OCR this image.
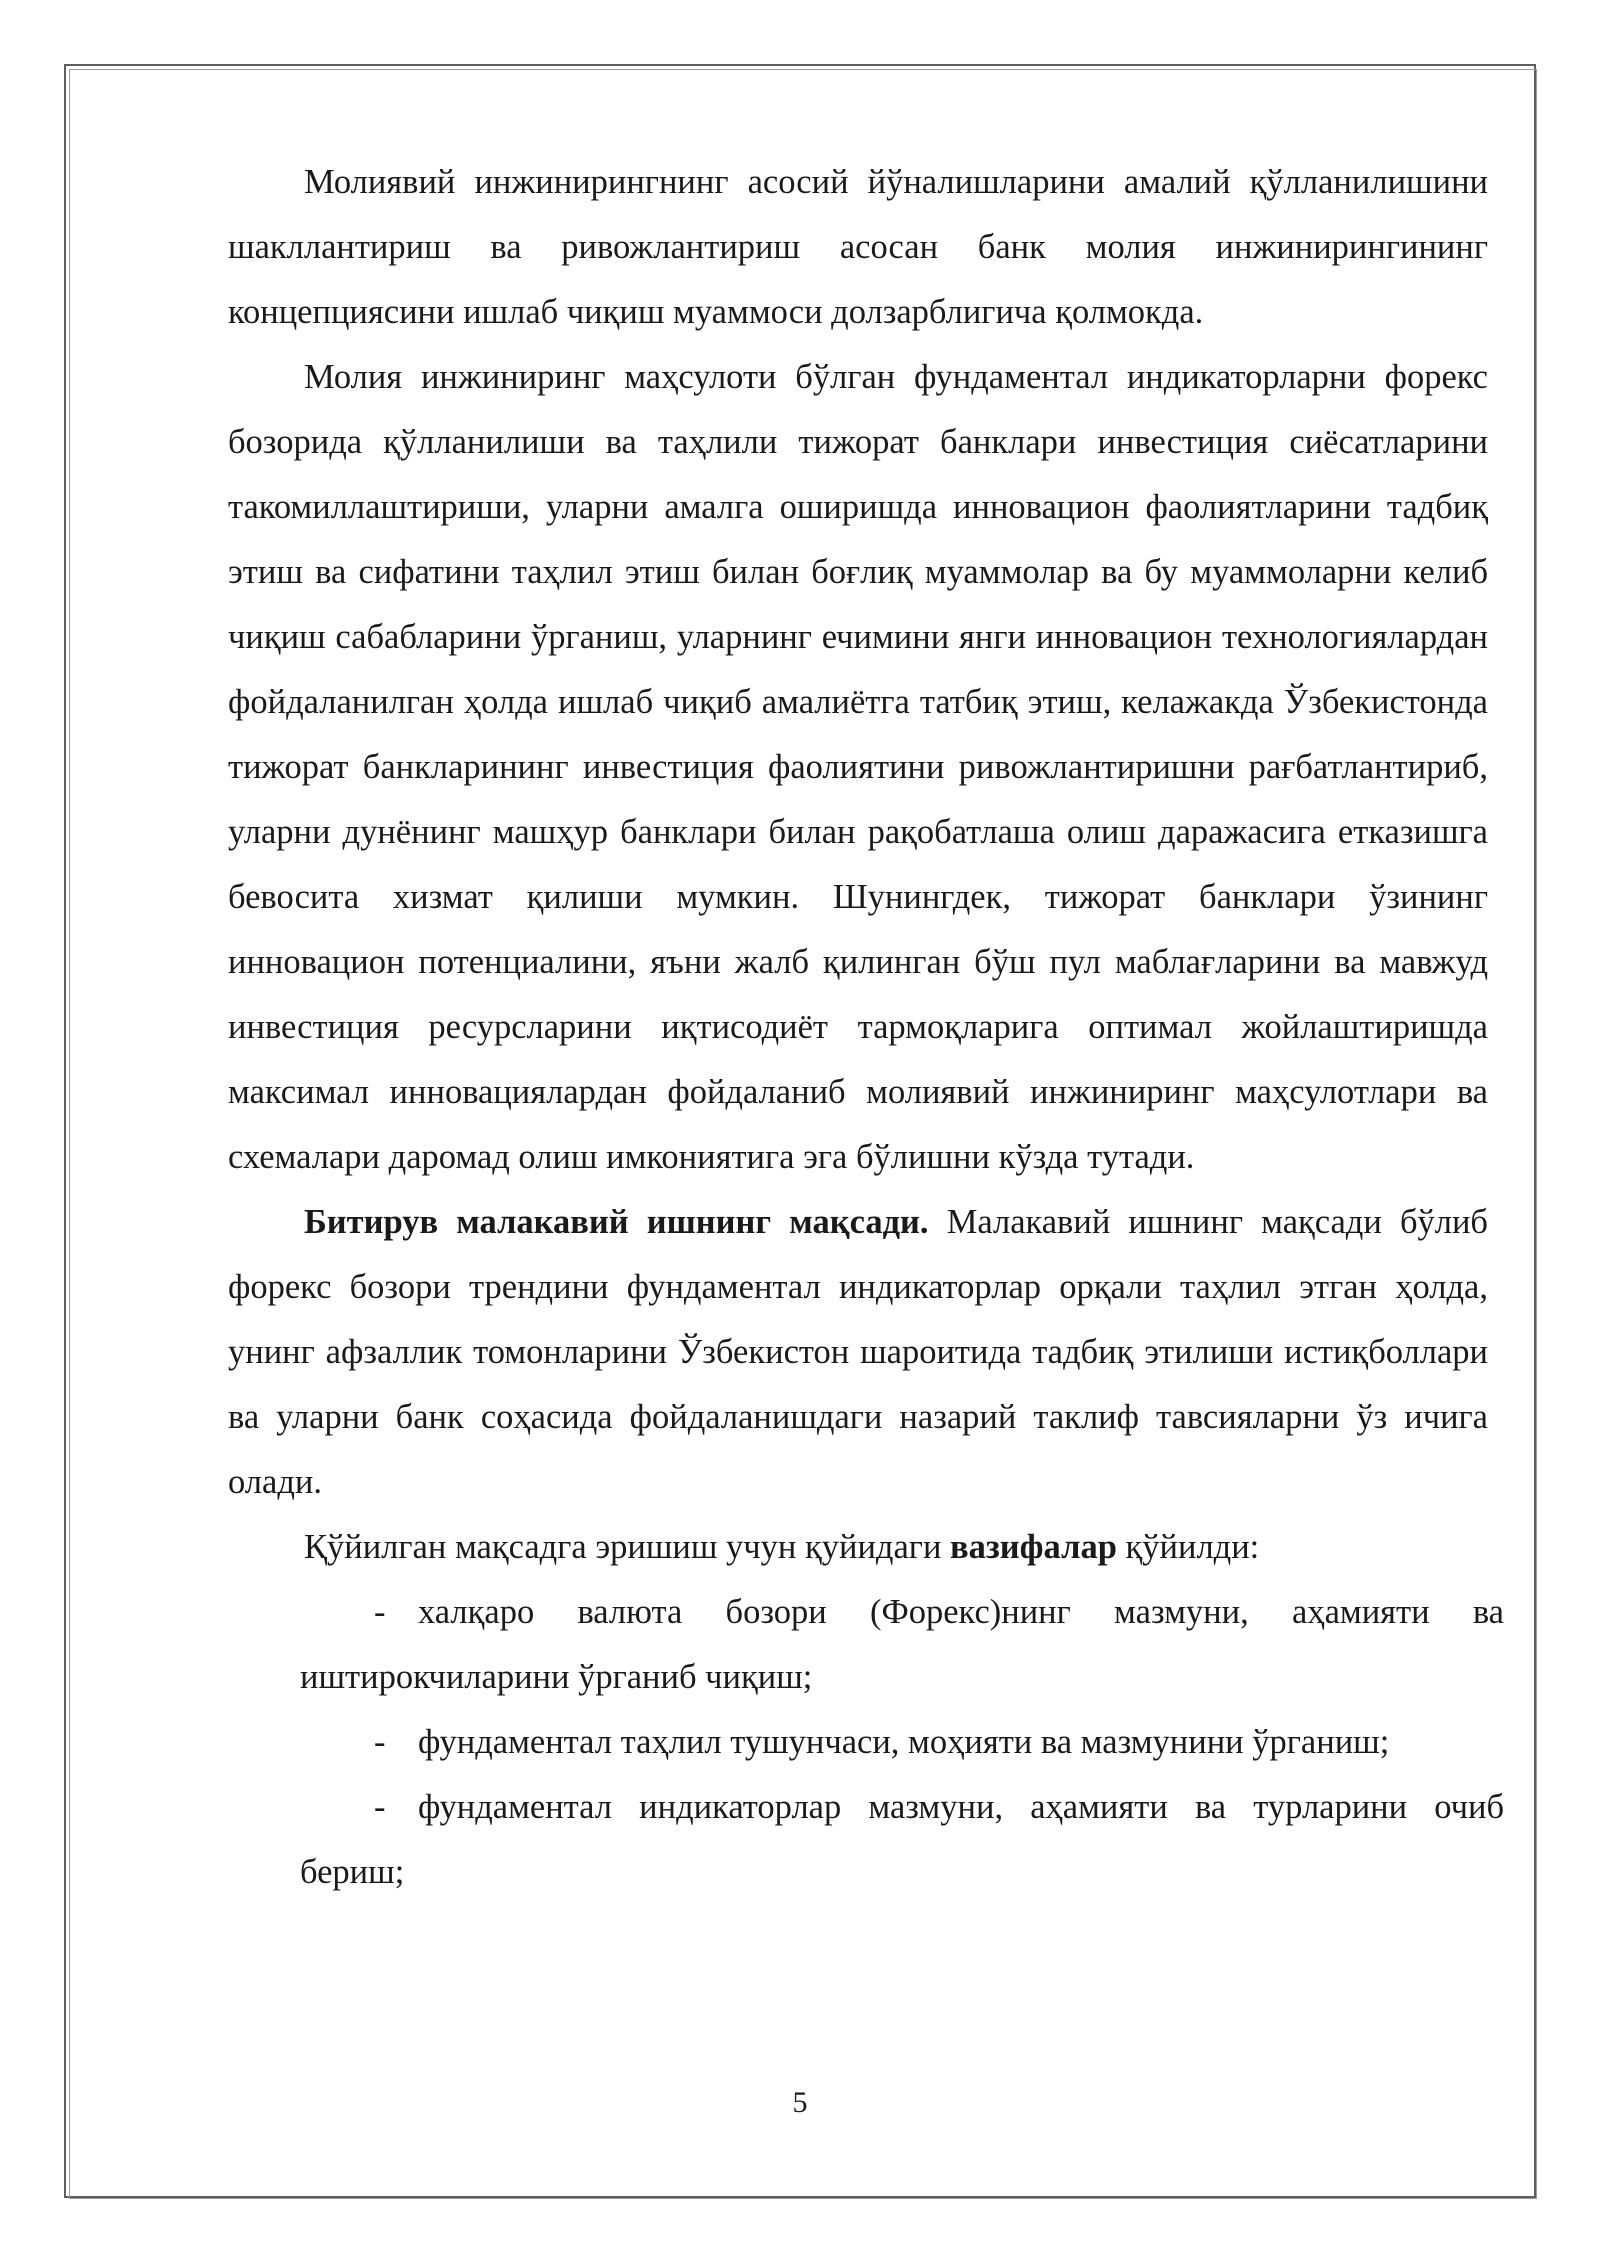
Молиявий инжинирингнинг асосий йўналишларини амалий қўлланилишини шакллантириш ва ривожлантириш асосан банк молия инжинирингининг концепциясини ишлаб чиқиш муаммоси долзарблигича қолмокда.

Молия инжиниринг маҳсулоти бўлган фундаментал индикаторларни форекс бозорида қўлланилиши ва таҳлили тижорат банклари инвестиция сиёсатларини такомиллаштириши, уларни амалга оширишда инновацион фаолиятларини тадбиқ этиш ва сифатини таҳлил этиш билан боғлиқ муаммолар ва бу муаммоларни келиб чиқиш сабабларини ўрганиш, уларнинг ечимини янги инновацион технологиялардан фойдаланилган ҳолда ишлаб чиқиб амалиётга татбиқ этиш, келажакда Ўзбекистонда тижорат банкларининг инвестиция фаолиятини ривожлантиришни рағбатлантириб, уларни дунёнинг машҳур банклари билан рақобатлаша олиш даражасига етказишга бевосита хизмат қилиши мумкин. Шунингдек, тижорат банклари ўзининг инновацион потенциалини, яъни жалб қилинган бўш пул маблағларини ва мавжуд инвестиция ресурсларини иқтисодиёт тармоқларига оптимал жойлаштиришда максимал инновациялардан фойдаланиб молиявий инжиниринг маҳсулотлари ва схемалари даромад олиш имкониятига эга бўлишни кўзда тутади.

Битирув малакавий ишнинг мақсади. Малакавий ишнинг мақсади бўлиб форекс бозори трендини фундаментал индикаторлар орқали таҳлил этган ҳолда, унинг афзаллик томонларини Ўзбекистон шароитида тадбиқ этилиши истиқболлари ва уларни банк соҳасида фойдаланишдаги назарий таклиф тавсияларни ўз ичига олади.

Қўйилган мақсадга эришиш учун қуйидаги вазифалар қўйилди:

- халқаро валюта бозори (Форекс)нинг мазмуни, аҳамияти ва иштирокчиларини ўрганиб чиқиш;
- фундаментал таҳлил тушунчаси, моҳияти ва мазмунини ўрганиш;
- фундаментал индикаторлар мазмуни, аҳамияти ва турларини очиб бериш;
5
